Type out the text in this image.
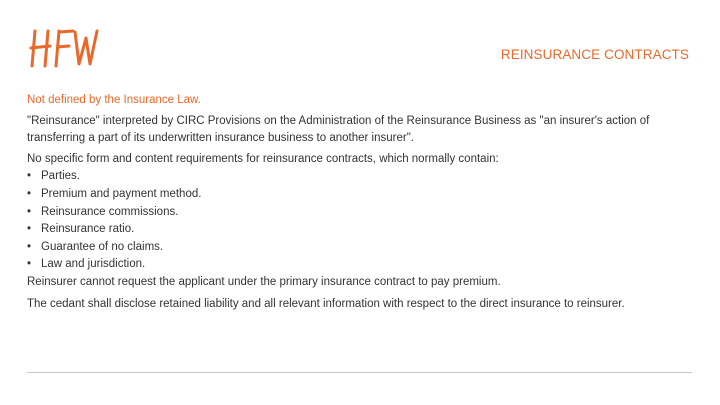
REINSURANCE CONTRACTS
Not defined by the Insurance Law.
"Reinsurance" interpreted by CIRC Provisions on the Administration of the Reinsurance Business as "an insurer's action of transferring a part of its underwritten insurance business to another insurer".
No specific form and content requirements for reinsurance contracts, which normally contain:
• Parties.
• Premium and payment method.
• Reinsurance commissions.
• Reinsurance ratio.
• Guarantee of no claims.
• Law and jurisdiction.
Reinsurer cannot request the applicant under the primary insurance contract to pay premium.
The cedant shall disclose retained liability and all relevant information with respect to the direct insurance to reinsurer.
